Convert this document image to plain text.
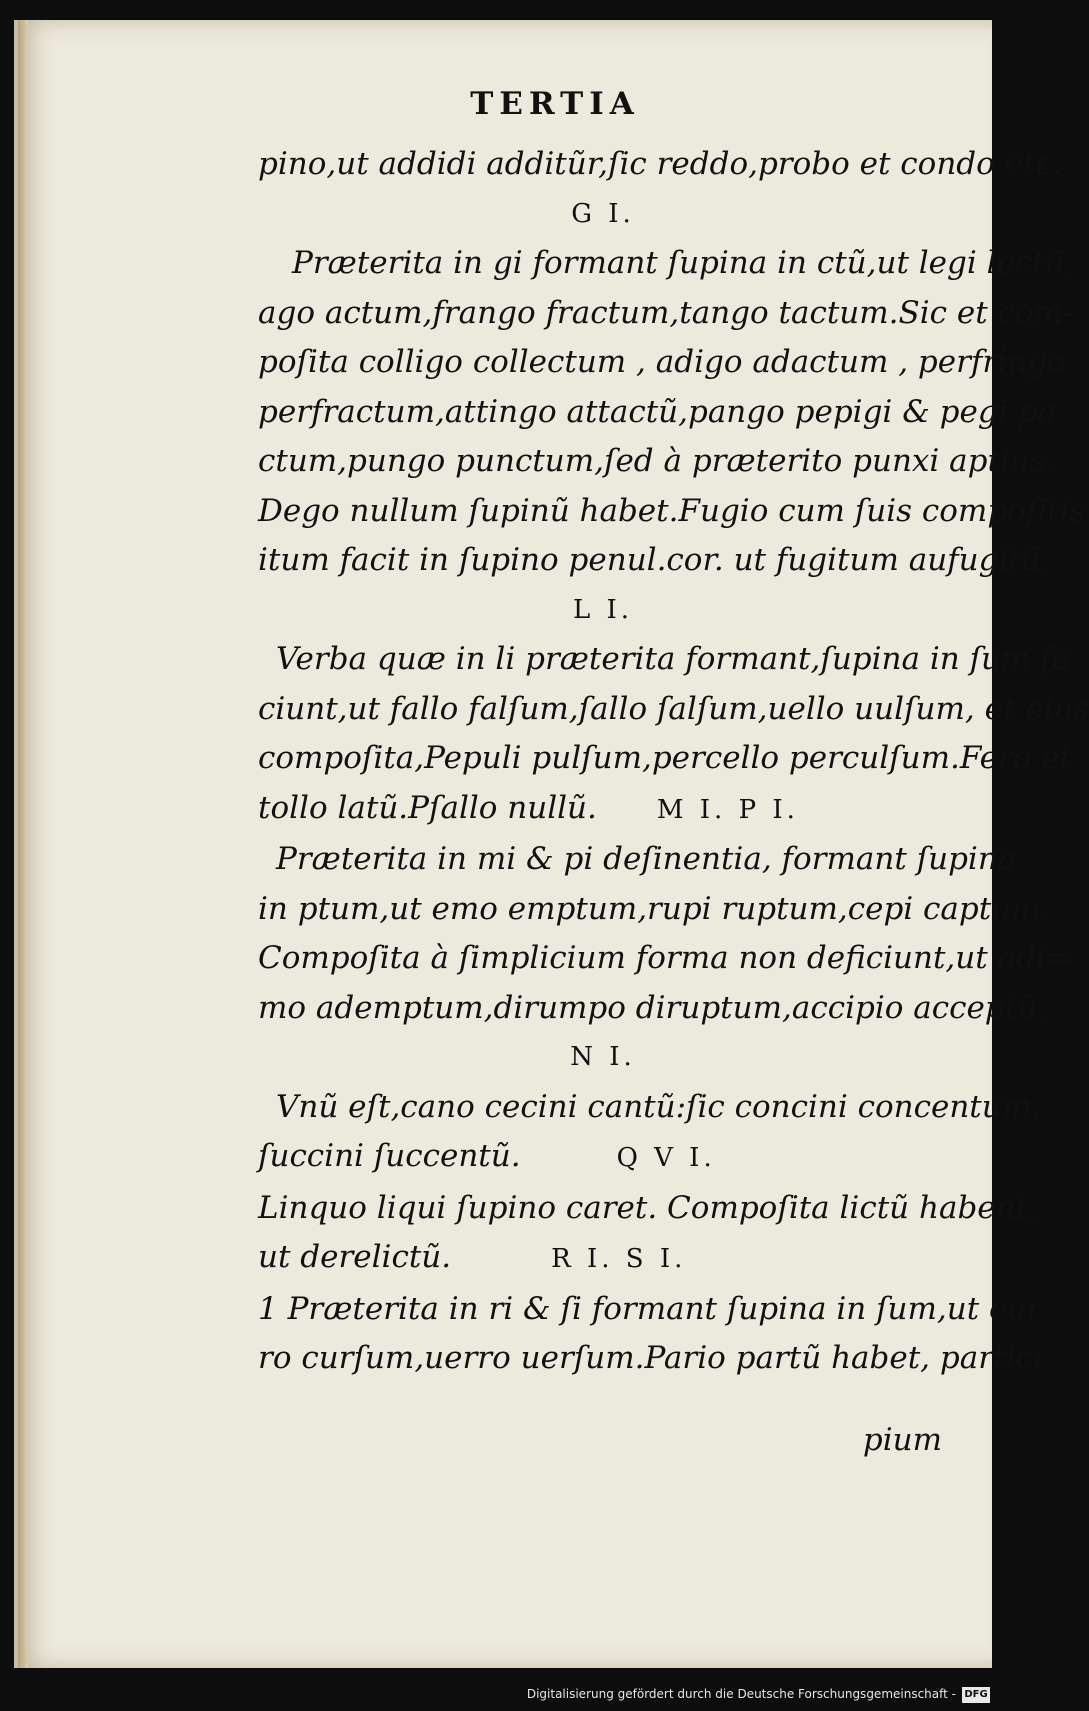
TERTIA
pino,ut addidi additũr,ſic reddo,probo et condo etc.
G I.
Præterita in gi formant ſupina in ctũ,ut legi lectũ,
ago actum,frango fractum,tango tactum.Sic et com-
poſita colligo collectum , adigo adactum , perfringo
perfractum,attingo attactũ,pango pepigi & pegi pa
ctum,pungo punctum,ſed à præterito punxi aptius.
Dego nullum ſupinũ habet.Fugio cum ſuis compoſitis
itum facit in ſupino penul.cor. ut fugitum aufugitũ.
L I.
Verba quæ in li præterita formant,ſupina in ſum fa
ciunt,ut fallo falſum,ſallo ſalſum,uello uulſum, et eius
compoſita,Pepuli pulſum,percello perculſum.Fero et
tollo latũ.Pſallo nullũ. M I. P I.
Præterita in mi & pi deſinentia, formant ſupina
in ptum,ut emo emptum,rupi ruptum,cepi captum.
Compoſita à ſimplicium forma non deficiunt,ut adi=
mo ademptum,dirumpo diruptum,accipio acceptũ.
N I.
Vnũ eſt,cano cecini cantũ:ſic concini concentum,
ſuccini ſuccentũ.	Q V I.
Linquo liqui ſupino caret. Compoſita lictũ habent,
ut derelictũ.	R I. S I.
1 Præterita in ri & ſi formant ſupina in ſum,ut cur
ro curſum,uerro uerſum.Pario partũ habet, partici-
pium
Digitalisierung gefördert durch die Deutsche Forschungsgemeinschaft - DFG
